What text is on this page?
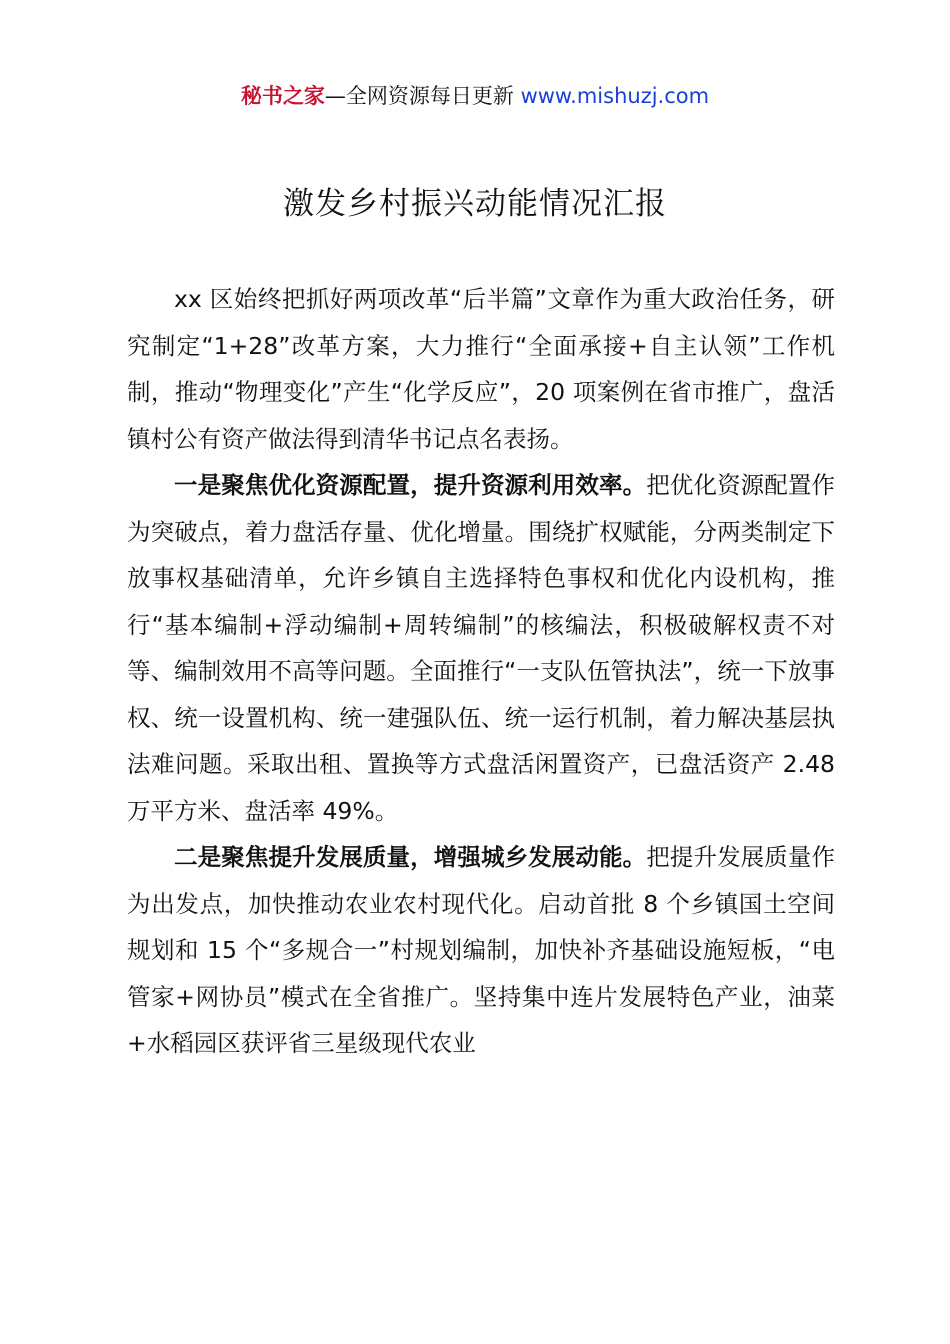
秘书之家—全网资源每日更新 www.mishuzj.com
激发乡村振兴动能情况汇报

xx 区始终把抓好两项改革“后半篇”文章作为重大政治任务，研究制定“1+28”改革方案，大力推行“全面承接+自主认领”工作机制，推动“物理变化”产生“化学反应”，20 项案例在省市推广，盘活镇村公有资产做法得到清华书记点名表扬。

一是聚焦优化资源配置，提升资源利用效率。把优化资源配置作为突破点，着力盘活存量、优化增量。围绕扩权赋能，分两类制定下放事权基础清单，允许乡镇自主选择特色事权和优化内设机构，推行“基本编制+浮动编制+周转编制”的核编法，积极破解权责不对等、编制效用不高等问题。全面推行“一支队伍管执法”，统一下放事权、统一设置机构、统一建强队伍、统一运行机制，着力解决基层执法难问题。采取出租、置换等方式盘活闲置资产，已盘活资产 2.48 万平方米、盘活率 49%。

二是聚焦提升发展质量，增强城乡发展动能。把提升发展质量作为出发点，加快推动农业农村现代化。启动首批 8 个乡镇国土空间规划和 15 个“多规合一”村规划编制，加快补齐基础设施短板，“电管家+网协员”模式在全省推广。坚持集中连片发展特色产业，油菜+水稻园区获评省三星级现代农业
